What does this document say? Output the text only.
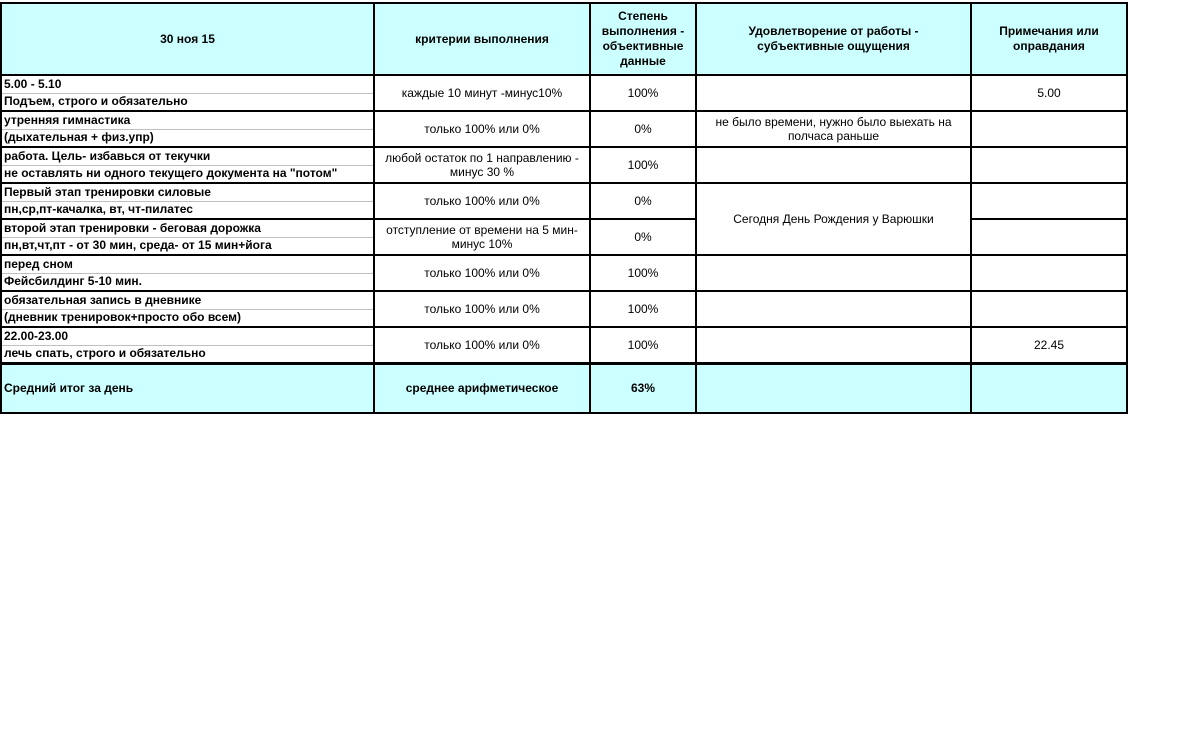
30 ноя 15	критерии выполнения	Степень выполнения - объективные данные	Удовлетворение от работы - субъективные ощущения	Примечания или оправдания

5.00 - 5.10
Подъем, строго и обязательно	каждые 10 минут -минус10%	100%		5.00

утренняя гимнастика
(дыхательная + физ.упр)	только 100% или 0%	0%	не было времени, нужно было выехать на полчаса раньше	

работа. Цель- избавься от текучки
не оставлять ни одного текущего документа на "потом"	любой остаток по 1 направлению - минус 30 %	100%		

Первый этап тренировки силовые
пн,ср,пт-качалка, вт, чт-пилатес	только 100% или 0%	0%	Сегодня День Рождения у Варюшки	

второй этап тренировки - беговая дорожка
пн,вт,чт,пт - от 30 мин, среда- от 15 мин+йога	отступление от времени на 5 мин-минус 10%	0%		

перед сном
Фейсбилдинг 5-10 мин.	только 100% или 0%	100%		

обязательная запись в дневнике
(дневник тренировок+просто обо всем)	только 100% или 0%	100%		

22.00-23.00
лечь спать, строго и обязательно	только 100% или 0%	100%		22.45
Средний итог за день	среднее арифметическое	63%		
